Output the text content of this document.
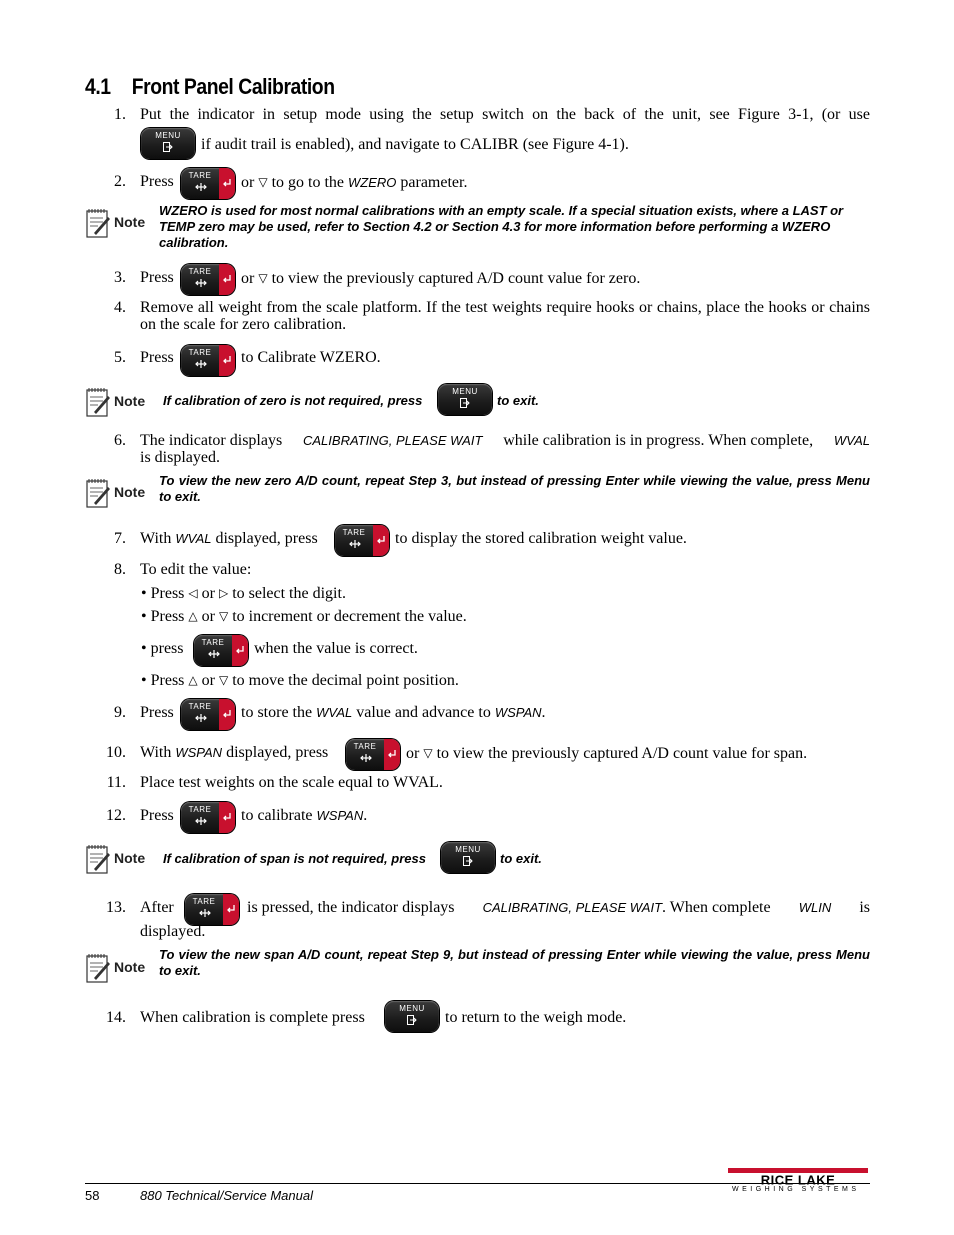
4.1 Front Panel Calibration
1. Put the indicator in setup mode using the setup switch on the back of the unit, see Figure 3-1, (or use
MENU
if audit trail is enabled), and navigate to CALIBR (see Figure 4-1).
2. Press	TARE	or ▽ to go to the WZERO parameter.
Note
WZERO is used for most normal calibrations with an empty scale. If a special situation exists, where a LAST or TEMP zero may be used, refer to Section 4.2 or Section 4.3 for more information before performing a WZERO calibration.
3. Press	TARE	or ▽ to view the previously captured A/D count value for zero.
4. Remove all weight from the scale platform. If the test weights require hooks or chains, place the hooks or chains on the scale for zero calibration.
5. Press	TARE	to Calibrate WZERO.
Note If calibration of zero is not required, press
MENU
to exit.
6. The indicator displays CALIBRATING, PLEASE WAIT while calibration is in progress. When complete, WVAL
is displayed.
Note
To view the new zero A/D count, repeat Step 3, but instead of pressing Enter while viewing the value, press Menu to exit.
7. With WVAL displayed, press	TARE	to display the stored calibration weight value.
8. To edit the value:
• Press ◁ or ▷ to select the digit.
• Press △ or ▽ to increment or decrement the value.
• press	TARE	when the value is correct.
• Press △ or ▽ to move the decimal point position.
9. Press	TARE	to store the WVAL value and advance to WSPAN.
10. With WSPAN displayed, press	TARE	or ▽ to view the previously captured A/D count value for span.
11. Place test weights on the scale equal to WVAL.
12. Press	TARE	to calibrate WSPAN.
Note If calibration of span is not required, press
MENU
to exit.
13. After	TARE	is pressed, the indicator displays CALIBRATING, PLEASE WAIT. When complete WLIN is
displayed.
Note
To view the new span A/D count, repeat Step 9, but instead of pressing Enter while viewing the value, press Menu to exit.
14. When calibration is complete press
MENU
to return to the weigh mode.
58	880 Technical/Service Manual
RICE LAKE
WEIGHING SYSTEMS
